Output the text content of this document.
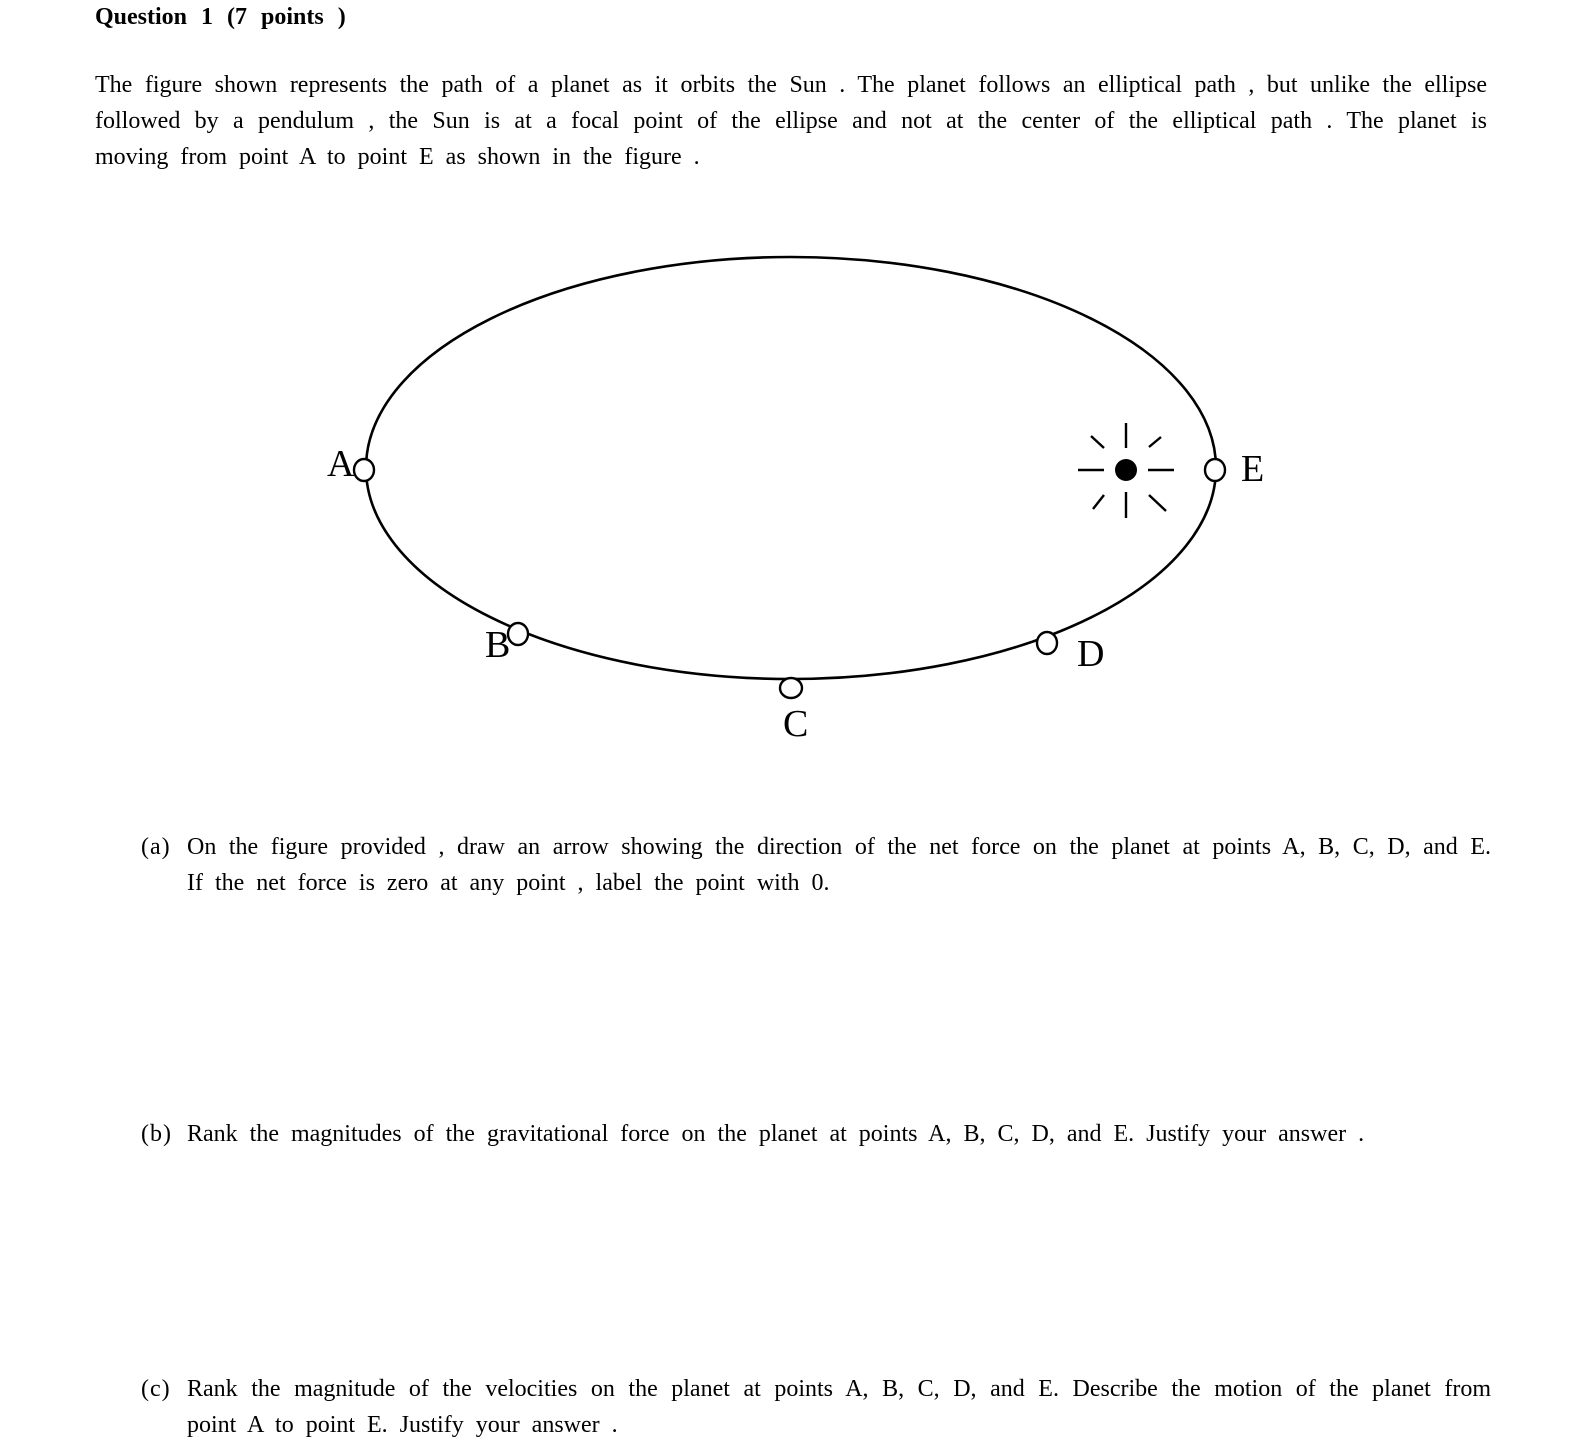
Question 1 (7 points )
The figure shown represents the path of a planet as it orbits the Sun . The planet follows an elliptical path , but unlike the ellipse followed by a pendulum , the Sun is at a focal point of the ellipse and not at the center of the elliptical path . The planet is moving from point A to point E as shown in the figure .
A
B
C
D
E
(a) On the figure provided , draw an arrow showing the direction of the net force on the planet at points A, B, C, D, and E. If the net force is zero at any point , label the point with 0.
(b) Rank the magnitudes of the gravitational force on the planet at points A, B, C, D, and E. Justify your answer .
(c) Rank the magnitude of the velocities on the planet at points A, B, C, D, and E. Describe the motion of the planet from point A to point E. Justify your answer .
